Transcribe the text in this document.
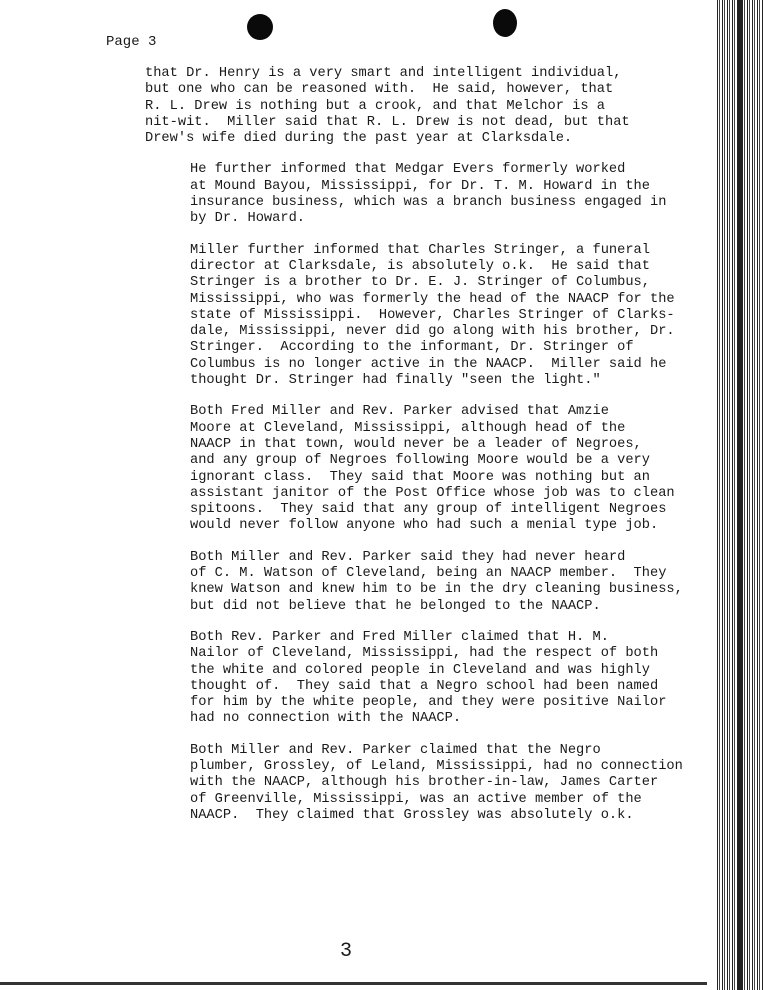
Page 3

that Dr. Henry is a very smart and intelligent individual,
but one who can be reasoned with.  He said, however, that
R. L. Drew is nothing but a crook, and that Melchor is a
nit-wit.  Miller said that R. L. Drew is not dead, but that
Drew's wife died during the past year at Clarksdale.

He further informed that Medgar Evers formerly worked
at Mound Bayou, Mississippi, for Dr. T. M. Howard in the
insurance business, which was a branch business engaged in
by Dr. Howard.

Miller further informed that Charles Stringer, a funeral
director at Clarksdale, is absolutely o.k.  He said that
Stringer is a brother to Dr. E. J. Stringer of Columbus,
Mississippi, who was formerly the head of the NAACP for the
state of Mississippi.  However, Charles Stringer of Clarks-
dale, Mississippi, never did go along with his brother, Dr.
Stringer.  According to the informant, Dr. Stringer of
Columbus is no longer active in the NAACP.  Miller said he
thought Dr. Stringer had finally "seen the light."

Both Fred Miller and Rev. Parker advised that Amzie
Moore at Cleveland, Mississippi, although head of the
NAACP in that town, would never be a leader of Negroes,
and any group of Negroes following Moore would be a very
ignorant class.  They said that Moore was nothing but an
assistant janitor of the Post Office whose job was to clean
spitoons.  They said that any group of intelligent Negroes
would never follow anyone who had such a menial type job.

Both Miller and Rev. Parker said they had never heard
of C. M. Watson of Cleveland, being an NAACP member.  They
knew Watson and knew him to be in the dry cleaning business,
but did not believe that he belonged to the NAACP.

Both Rev. Parker and Fred Miller claimed that H. M.
Nailor of Cleveland, Mississippi, had the respect of both
the white and colored people in Cleveland and was highly
thought of.  They said that a Negro school had been named
for him by the white people, and they were positive Nailor
had no connection with the NAACP.

Both Miller and Rev. Parker claimed that the Negro
plumber, Grossley, of Leland, Mississippi, had no connection
with the NAACP, although his brother-in-law, James Carter
of Greenville, Mississippi, was an active member of the
NAACP.  They claimed that Grossley was absolutely o.k.

3
